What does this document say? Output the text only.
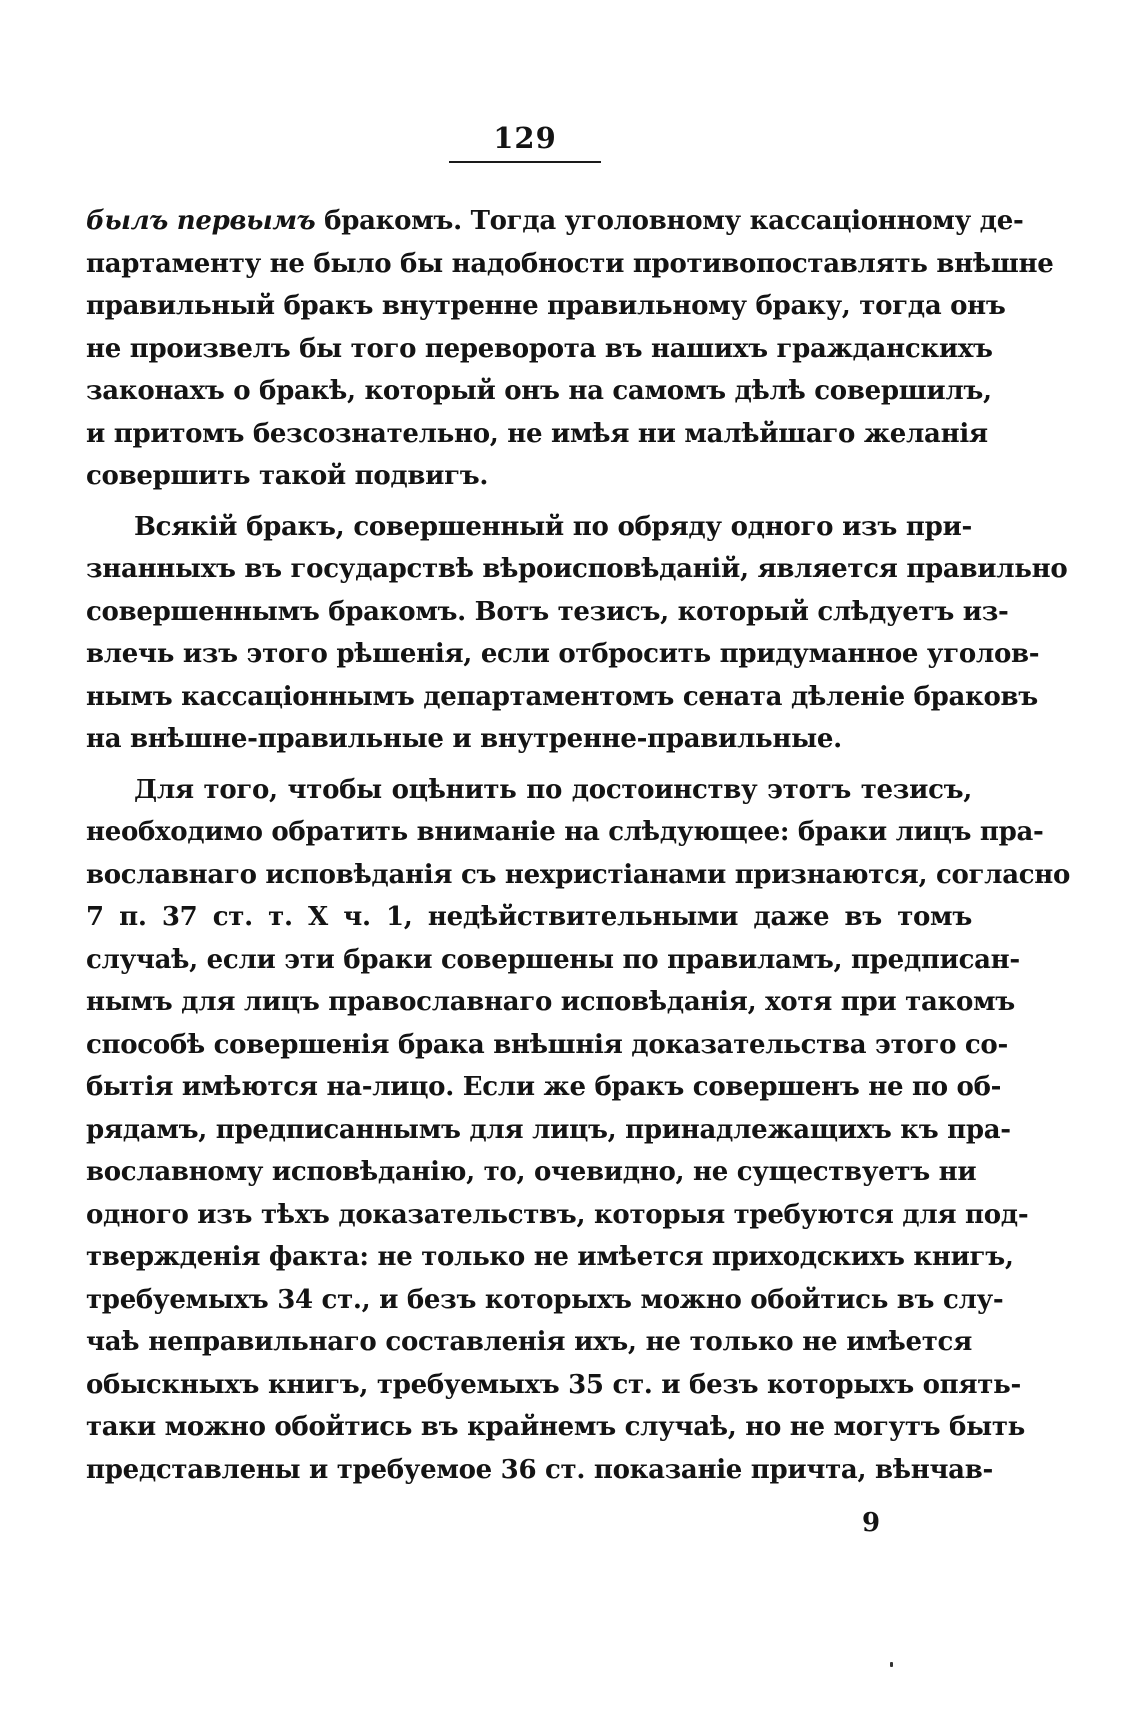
129
былъ первымъ бракомъ. Тогда уголовному кассаціонному де-
партаменту не было бы надобности противопоставлять внѣшне
правильный бракъ внутренне правильному браку, тогда онъ
не произвелъ бы того переворота въ нашихъ гражданскихъ
законахъ о бракѣ, который онъ на самомъ дѣлѣ совершилъ,
и притомъ безсознательно, не имѣя ни малѣйшаго желанія
совершить такой подвигъ.
Всякій бракъ, совершенный по обряду одного изъ при-
знанныхъ въ государствѣ вѣроисповѣданій, является правильно
совершеннымъ бракомъ. Вотъ тезисъ, который слѣдуетъ из-
влечь изъ этого рѣшенія, если отбросить придуманное уголов-
нымъ кассаціоннымъ департаментомъ сената дѣленіе браковъ
на внѣшне-правильные и внутренне-правильные.
Для того, чтобы оцѣнить по достоинству этотъ тезисъ,
необходимо обратить вниманіе на слѣдующее: браки лицъ пра-
вославнаго исповѣданія съ нехристіанами признаются, согласно
7 п. 37 ст. т. X ч. 1, недѣйствительными даже въ томъ
случаѣ, если эти браки совершены по правиламъ, предписан-
нымъ для лицъ православнаго исповѣданія, хотя при такомъ
способѣ совершенія брака внѣшнія доказательства этого со-
бытія имѣются на-лицо. Если же бракъ совершенъ не по об-
рядамъ, предписаннымъ для лицъ, принадлежащихъ къ пра-
вославному исповѣданію, то, очевидно, не существуетъ ни
одного изъ тѣхъ доказательствъ, которыя требуются для под-
твержденія факта: не только не имѣется приходскихъ книгъ,
требуемыхъ 34 ст., и безъ которыхъ можно обойтись въ слу-
чаѣ неправильнаго составленія ихъ, не только не имѣется
обыскныхъ книгъ, требуемыхъ 35 ст. и безъ которыхъ опять-
таки можно обойтись въ крайнемъ случаѣ, но не могутъ быть
представлены и требуемое 36 ст. показаніе причта, вѣнчав-
9
